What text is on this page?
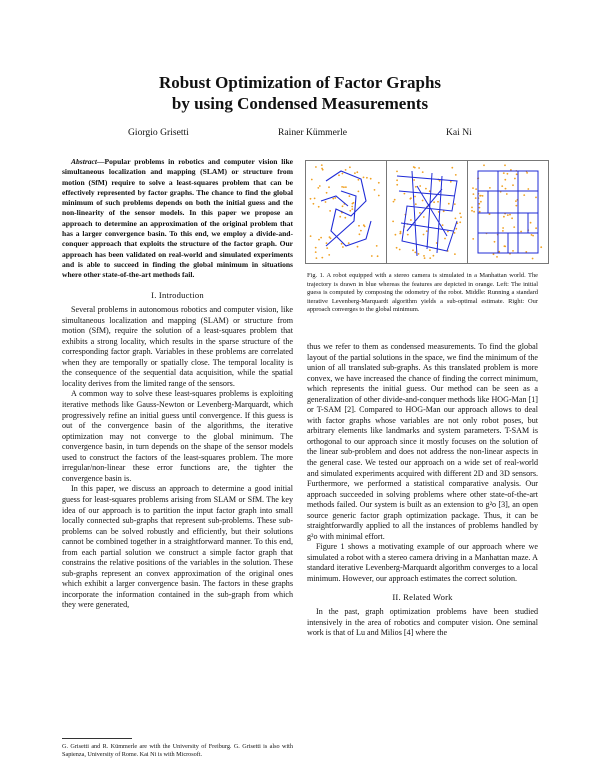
Robust Optimization of Factor Graphs
by using Condensed Measurements
Giorgio Grisetti	Rainer Kümmerle	Kai Ni

Abstract—Popular problems in robotics and computer vision like simultaneous localization and mapping (SLAM) or structure from motion (SfM) require to solve a least-squares problem that can be effectively represented by factor graphs. The chance to find the global minimum of such problems depends on both the initial guess and the non-linearity of the sensor models. In this paper we propose an approach to determine an approximation of the original problem that has a larger convergence basin. To this end, we employ a divide-and-conquer approach that exploits the structure of the factor graph. Our approach has been validated on real-world and simulated experiments and is able to succeed in finding the global minimum in situations where other state-of-the-art methods fail.

I. Introduction

Several problems in autonomous robotics and computer vision, like simultaneous localization and mapping (SLAM) or structure from motion (SfM), require the solution of a least-squares problem that exhibits a strong locality, which results in the sparse structure of the corresponding factor graph. Variables in these problems are correlated when they are temporally or spatially close. The temporal locality is the consequence of the sequential data acquisition, while the spatial locality derives from the limited range of the sensors.

A common way to solve these least-squares problems is exploiting iterative methods like Gauss-Newton or Levenberg-Marquardt, which progressively refine an initial guess until convergence. If this guess is out of the convergence basin of the algorithms, the iterative optimization may not converge to the global minimum. The convergence basin, in turn depends on the shape of the sensor models used to construct the factors of the least-squares problem. The more irregular/non-linear these error functions are, the tighter the convergence basin is.

In this paper, we discuss an approach to determine a good initial guess for least-squares problems arising from SLAM or SfM. The key idea of our approach is to partition the input factor graph into small locally connected sub-graphs that represent sub-problems. These sub-problems can be solved robustly and efficiently, but their solutions cannot be combined together in a straightforward manner. To this end, from each partial solution we construct a simple factor graph that constrains the relative positions of the variables in the solution. These sub-graphs represent an convex approximation of the original ones which exhibit a larger convergence basin. The factors in these graphs incorporate the information contained in the sub-graph from which they were generated,

G. Grisetti and R. Kümmerle are with the University of Freiburg. G. Grisetti is also with Sapienza, University of Rome. Kai Ni is with Microsoft.
Fig. 1. A robot equipped with a stereo camera is simulated in a Manhattan world. The trajectory is drawn in blue whereas the features are depicted in orange. Left: The initial guess is computed by composing the odometry of the robot. Middle: Running a standard iterative Levenberg-Marquardt algorithm yields a sub-optimal estimate. Right: Our approach converges to the global minimum.

thus we refer to them as condensed measurements. To find the global layout of the partial solutions in the space, we find the minimum of the union of all translated sub-graphs. As this translated problem is more convex, we have increased the chance of finding the correct minimum, which represents the initial guess. Our method can be seen as a generalization of other divide-and-conquer methods like HOG-Man [1] or T-SAM [2]. Compared to HOG-Man our approach allows to deal with factor graphs whose variables are not only robot poses, but arbitrary elements like landmarks and system parameters. T-SAM is orthogonal to our approach since it mostly focuses on the solution of the linear sub-problem and does not address the non-linear aspects in the general case. We tested our approach on a wide set of real-world and simulated experiments acquired with different 2D and 3D sensors. Furthermore, we performed a statistical comparative analysis. Our approach succeeded in solving problems where other state-of-the-art methods failed. Our system is built as an extension to g²o [3], an open source generic factor graph optimization package. Thus, it can be straightforwardly applied to all the instances of problems handled by g²o with minimal effort.

Figure 1 shows a motivating example of our approach where we simulated a robot with a stereo camera driving in a Manhattan maze. A standard iterative Levenberg-Marquardt algorithm converges to a local minimum. However, our approach estimates the correct solution.

II. Related Work

In the past, graph optimization problems have been studied intensively in the area of robotics and computer vision. One seminal work is that of Lu and Milios [4] where the
